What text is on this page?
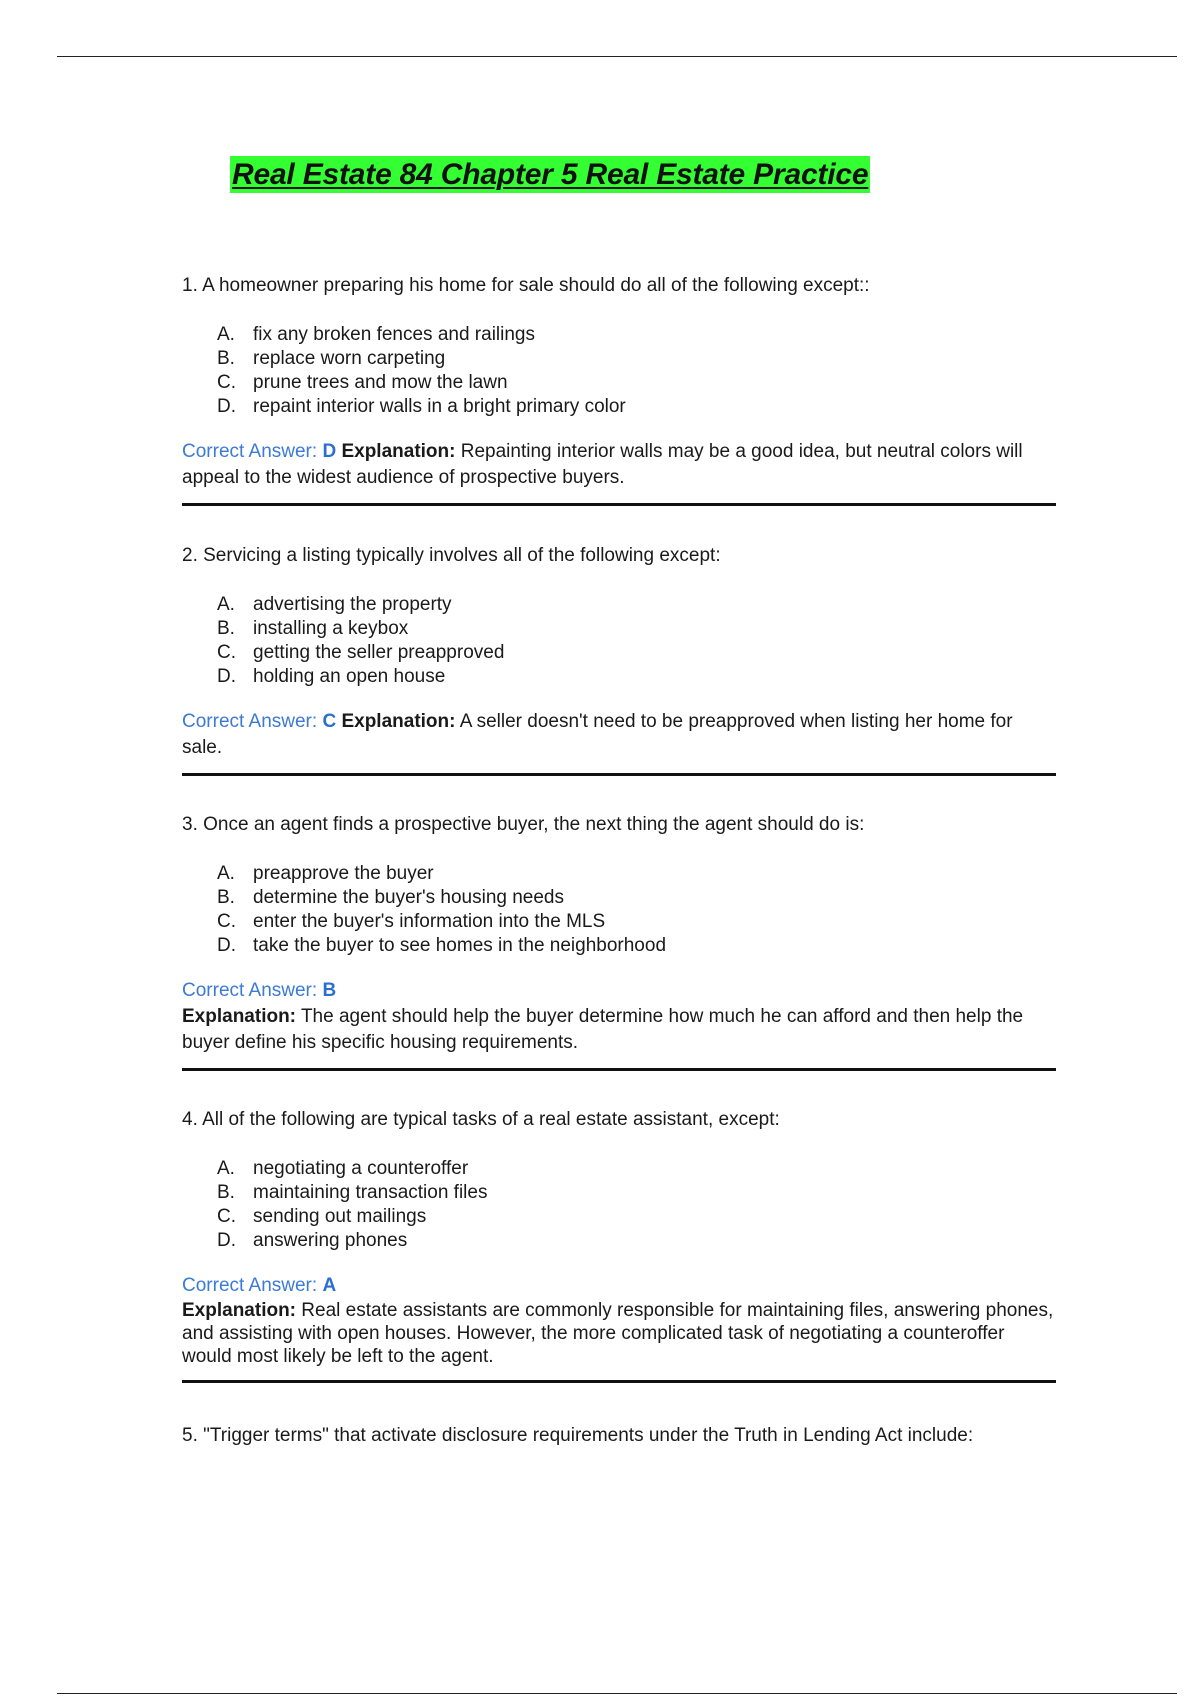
Real Estate 84 Chapter 5 Real Estate Practice

1. A homeowner preparing his home for sale should do all of the following except::

A. fix any broken fences and railings
B. replace worn carpeting
C. prune trees and mow the lawn
D. repaint interior walls in a bright primary color

Correct Answer: D Explanation: Repainting interior walls may be a good idea, but neutral colors will appeal to the widest audience of prospective buyers.

2. Servicing a listing typically involves all of the following except:

A. advertising the property
B. installing a keybox
C. getting the seller preapproved
D. holding an open house

Correct Answer: C Explanation: A seller doesn't need to be preapproved when listing her home for sale.

3. Once an agent finds a prospective buyer, the next thing the agent should do is:

A. preapprove the buyer
B. determine the buyer's housing needs
C. enter the buyer's information into the MLS
D. take the buyer to see homes in the neighborhood

Correct Answer: B

Explanation: The agent should help the buyer determine how much he can afford and then help the buyer define his specific housing requirements.

4. All of the following are typical tasks of a real estate assistant, except:

A. negotiating a counteroffer
B. maintaining transaction files
C. sending out mailings
D. answering phones

Correct Answer: A

Explanation: Real estate assistants are commonly responsible for maintaining files, answering phones, and assisting with open houses. However, the more complicated task of negotiating a counteroffer would most likely be left to the agent.

5. "Trigger terms" that activate disclosure requirements under the Truth in Lending Act include:
